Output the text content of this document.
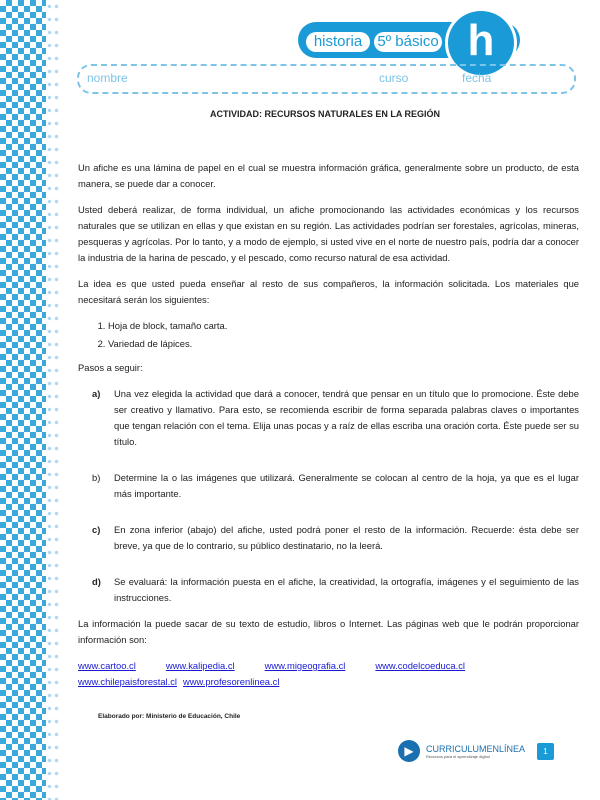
historia	5º básico h
nombre	curso	fecha
ACTIVIDAD: RECURSOS NATURALES EN LA REGIÓN

Un afiche es una lámina de papel en el cual se muestra información gráfica, generalmente sobre un producto, de esta manera, se puede dar a conocer.

Usted deberá realizar, de forma individual, un afiche promocionando las actividades económicas y los recursos naturales que se utilizan en ellas y que existan en su región. Las actividades podrían ser forestales, agrícolas, mineras, pesqueras y agrícolas. Por lo tanto, y a modo de ejemplo, si usted vive en el norte de nuestro país, podría dar a conocer la industria de la harina de pescado, y el pescado, como recurso natural de esa actividad.

La idea es que usted pueda enseñar al resto de sus compañeros, la información solicitada. Los materiales que necesitará serán los siguientes:

1. Hoja de block, tamaño carta.
2. Variedad de lápices.

Pasos a seguir:

a)	Una vez elegida la actividad que dará a conocer, tendrá que pensar en un título que lo promocione. Éste debe ser creativo y llamativo. Para esto, se recomienda escribir de forma separada palabras claves o importantes que tengan relación con el tema. Elija unas pocas y a raíz de ellas escriba una oración corta. Éste puede ser su título.
b)	Determine la o las imágenes que utilizará. Generalmente se colocan al centro de la hoja, ya que es el lugar más importante.
c)	En zona inferior (abajo) del afiche, usted podrá poner el resto de la información. Recuerde: ésta debe ser breve, ya que de lo contrario, su público destinatario, no la leerá.
d)	Se evaluará: la información puesta en el afiche, la creatividad, la ortografía, imágenes y el seguimiento de las instrucciones.

La información la puede sacar de su texto de estudio, libros o Internet. Las páginas web que le podrán proporcionar información son:

www.cartoo.cl	www.kalipedia.cl	www.migeografia.cl	www.codelcoeduca.cl
www.chilepaisforestal.cl www.profesorenlinea.cl
Elaborado por: Ministerio de Educación, Chile
▶	CURRICULUMENLÍNEA
Recursos para el aprendizaje digital	1
